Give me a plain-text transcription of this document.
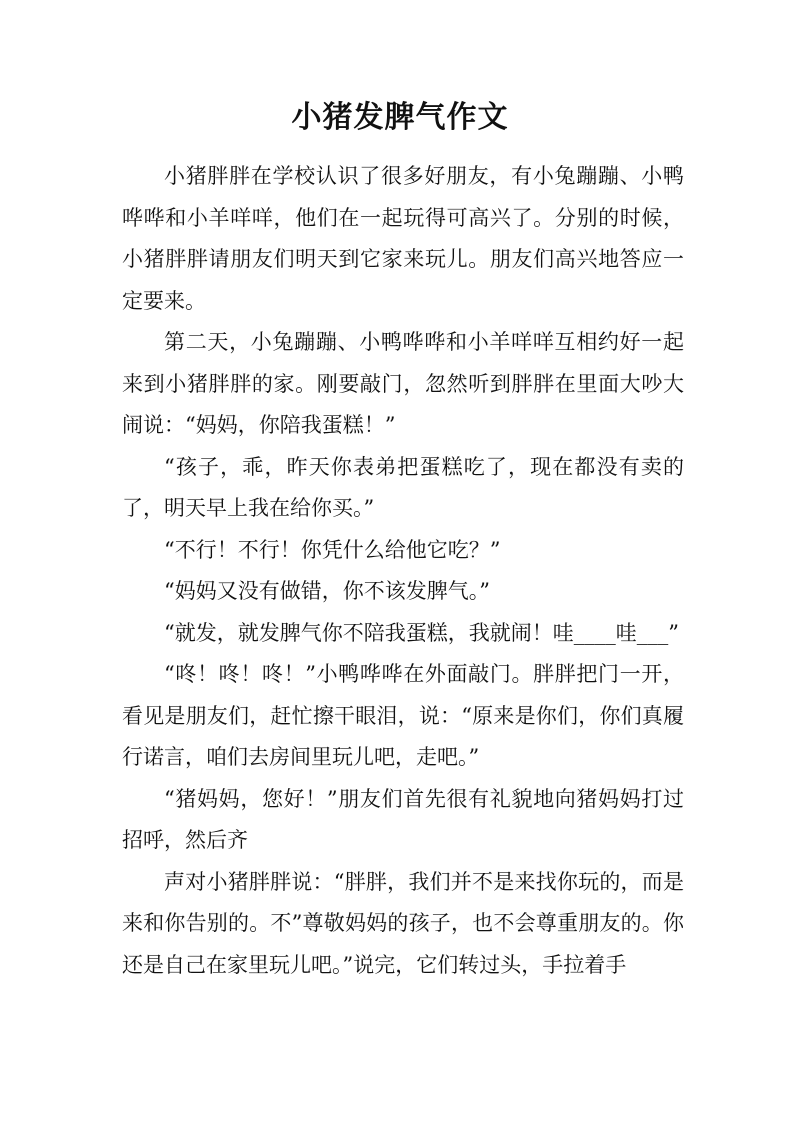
小猪发脾气作文

小猪胖胖在学校认识了很多好朋友，有小兔蹦蹦、小鸭哗哗和小羊咩咩，他们在一起玩得可高兴了。分别的时候，小猪胖胖请朋友们明天到它家来玩儿。朋友们高兴地答应一定要来。

第二天，小兔蹦蹦、小鸭哗哗和小羊咩咩互相约好一起来到小猪胖胖的家。刚要敲门，忽然听到胖胖在里面大吵大闹说：“妈妈，你陪我蛋糕！”

“孩子，乖，昨天你表弟把蛋糕吃了，现在都没有卖的了，明天早上我在给你买。”

“不行！不行！你凭什么给他它吃？”

“妈妈又没有做错，你不该发脾气。”

“就发，就发脾气你不陪我蛋糕，我就闹！哇____哇___”

“咚！咚！咚！”小鸭哗哗在外面敲门。胖胖把门一开，看见是朋友们，赶忙擦干眼泪，说：“原来是你们，你们真履行诺言，咱们去房间里玩儿吧，走吧。”

“猪妈妈，您好！”朋友们首先很有礼貌地向猪妈妈打过招呼，然后齐

声对小猪胖胖说：“胖胖，我们并不是来找你玩的，而是来和你告别的。不”尊敬妈妈的孩子，也不会尊重朋友的。你还是自己在家里玩儿吧。”说完，它们转过头，手拉着手
